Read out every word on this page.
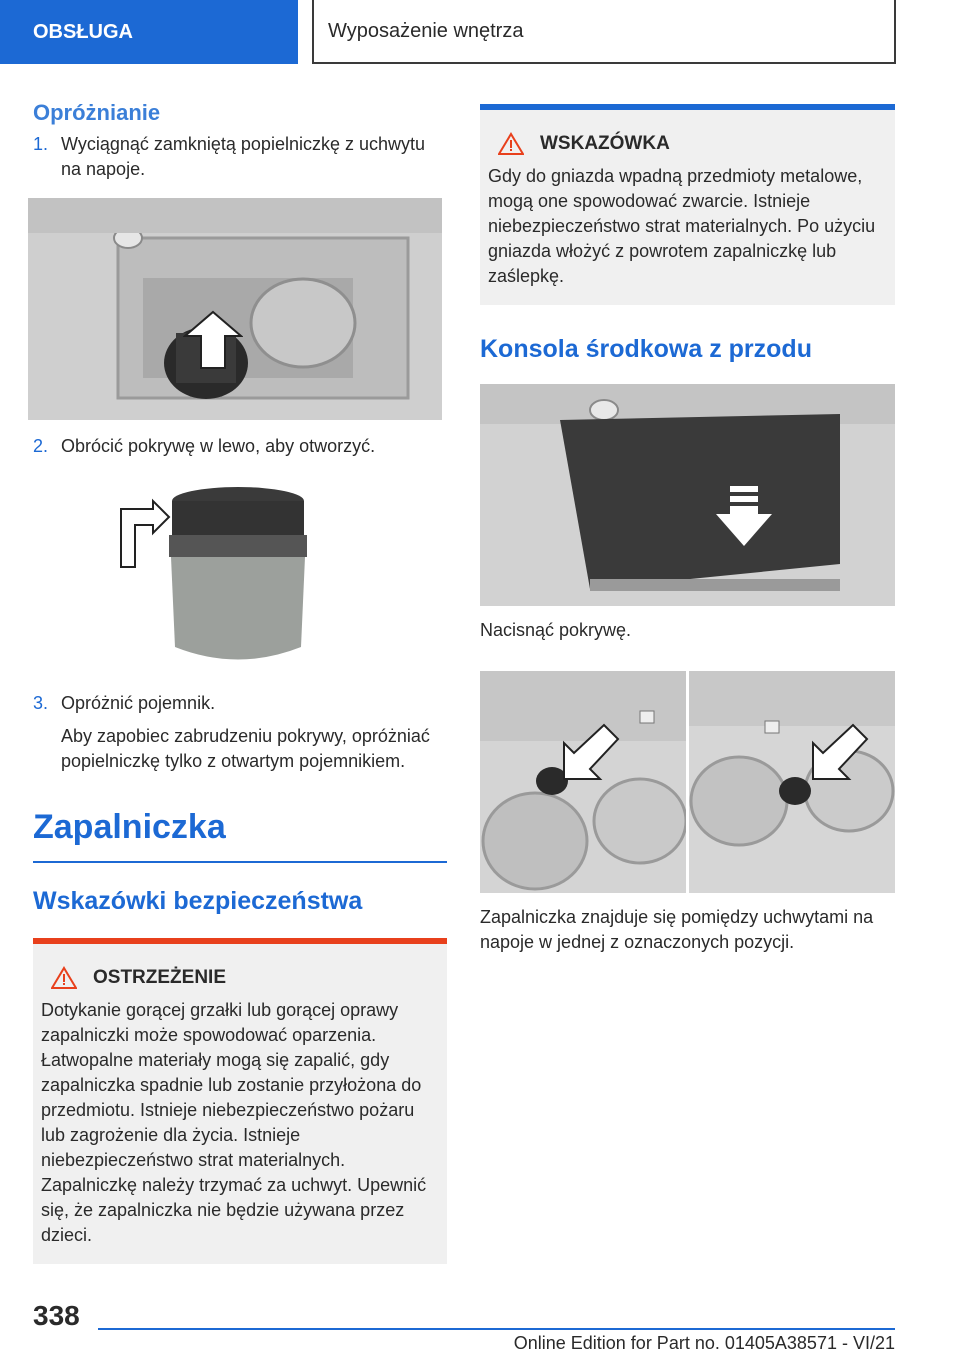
OBSŁUGA	Wyposażenie wnętrza
Opróżnianie
1. Wyciągnąć zamkniętą popielniczkę z uchwytu na napoje.
2. Obrócić pokrywę w lewo, aby otworzyć.
3. Opróżnić pojemnik.
Aby zapobiec zabrudzeniu pokrywy, opróżniać popielniczkę tylko z otwartym pojemnikiem.
Zapalniczka
Wskazówki bezpieczeństwa
OSTRZEŻENIE
Dotykanie gorącej grzałki lub gorącej oprawy zapalniczki może spowodować oparzenia. Łatwopalne materiały mogą się zapalić, gdy zapalniczka spadnie lub zostanie przyłożona do przedmiotu. Istnieje niebezpieczeństwo pożaru lub zagrożenie dla życia. Istnieje niebezpieczeństwo strat materialnych. Zapalniczkę należy trzymać za uchwyt. Upewnić się, że zapalniczka nie będzie używana przez dzieci.
WSKAZÓWKA
Gdy do gniazda wpadną przedmioty metalowe, mogą one spowodować zwarcie. Istnieje niebezpieczeństwo strat materialnych. Po użyciu gniazda włożyć z powrotem zapalniczkę lub zaślepkę.
Konsola środkowa z przodu
Nacisnąć pokrywę.

Zapalniczka znajduje się pomiędzy uchwytami na napoje w jednej z oznaczonych pozycji.
338
Online Edition for Part no. 01405A38571 - VI/21
